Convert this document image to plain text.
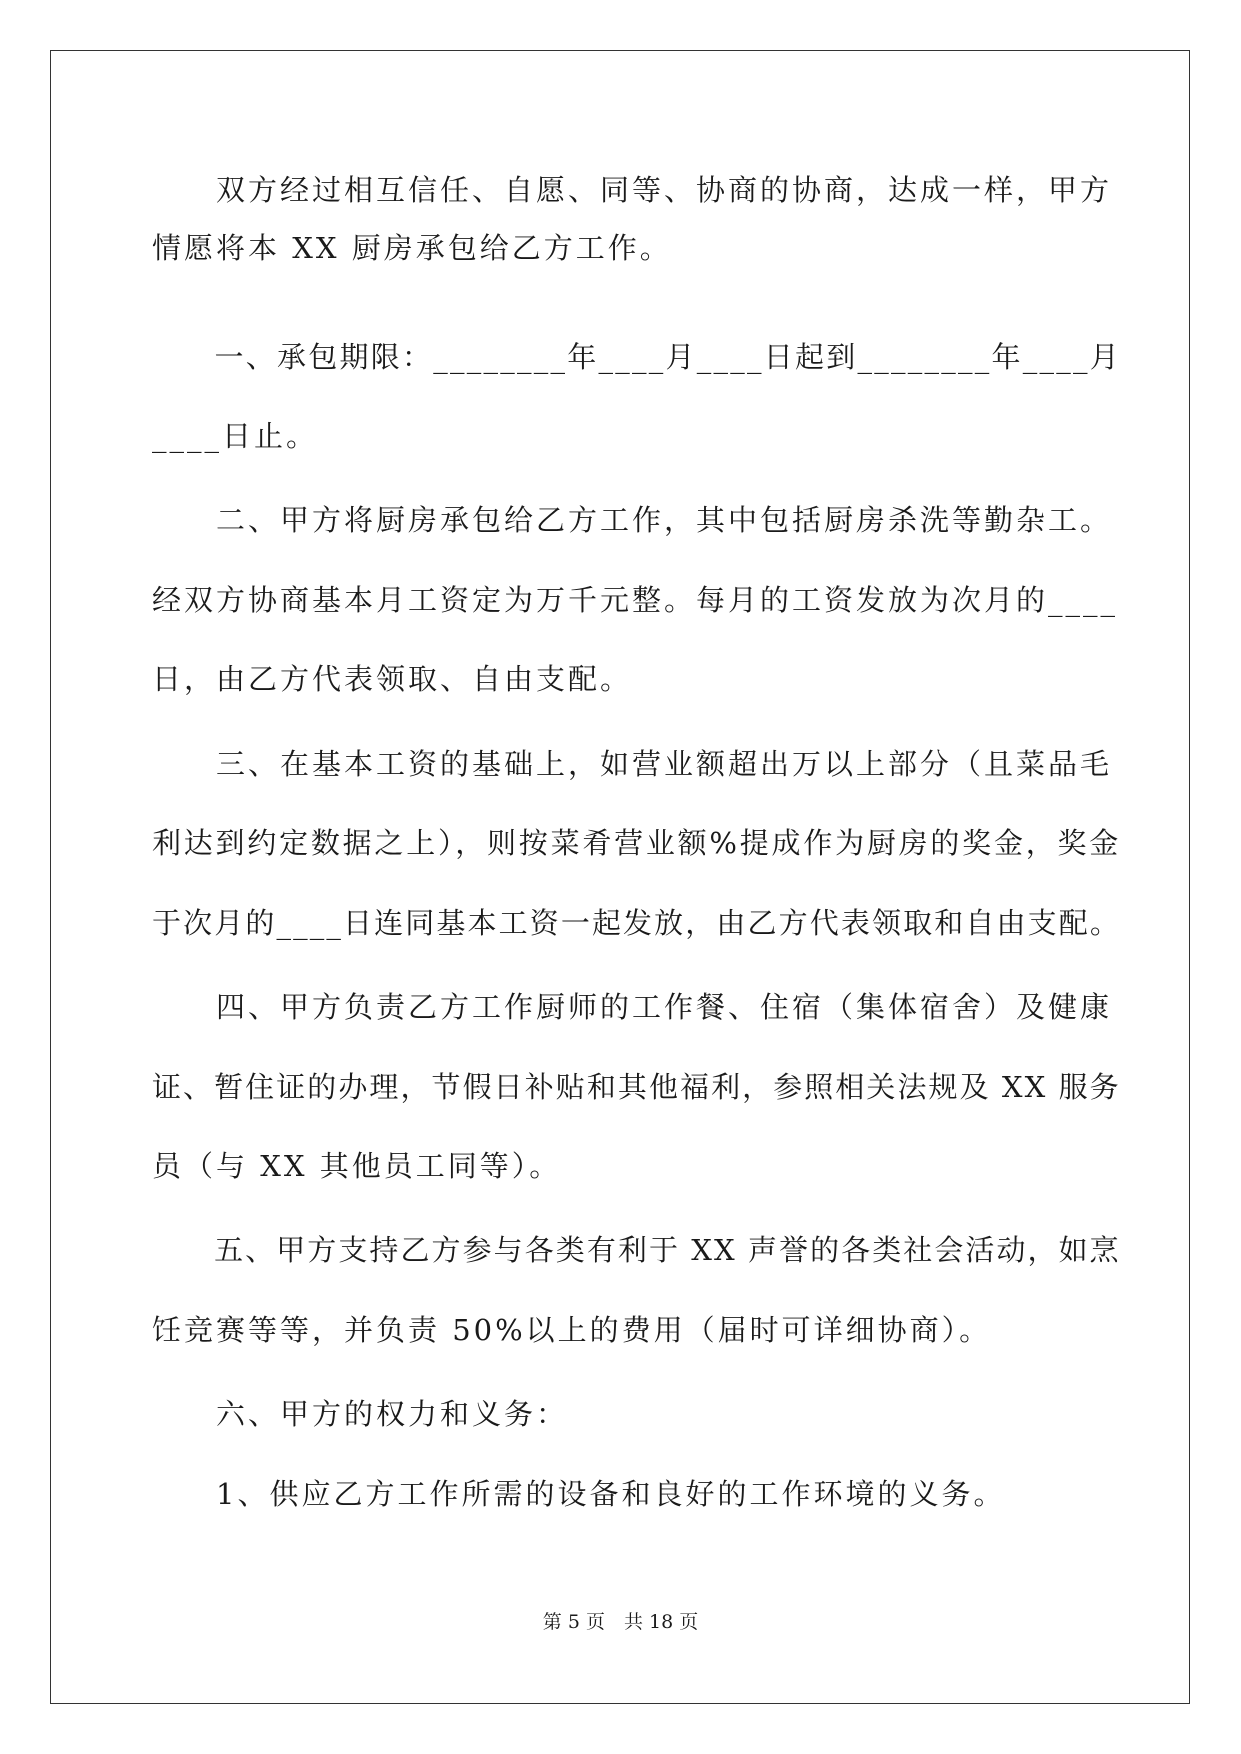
　　双方经过相互信任、自愿、同等、协商的协商，达成一样，甲方
情愿将本 XX 厨房承包给乙方工作。
　　一、承包期限：________年____月____日起到________年____月
____日止。
　　二、甲方将厨房承包给乙方工作，其中包括厨房杀洗等勤杂工。
经双方协商基本月工资定为万千元整。每月的工资发放为次月的____
日，由乙方代表领取、自由支配。
　　三、在基本工资的基础上，如营业额超出万以上部分（且菜品毛
利达到约定数据之上），则按菜肴营业额%提成作为厨房的奖金，奖金
于次月的____日连同基本工资一起发放，由乙方代表领取和自由支配。
　　四、甲方负责乙方工作厨师的工作餐、住宿（集体宿舍）及健康
证、暂住证的办理，节假日补贴和其他福利，参照相关法规及 XX 服务
员（与 XX 其他员工同等）。
　　五、甲方支持乙方参与各类有利于 XX 声誉的各类社会活动，如烹
饪竞赛等等，并负责 50%以上的费用（届时可详细协商）。
　　六、甲方的权力和义务：
　　1、供应乙方工作所需的设备和良好的工作环境的义务。
第 5 页　共 18 页
